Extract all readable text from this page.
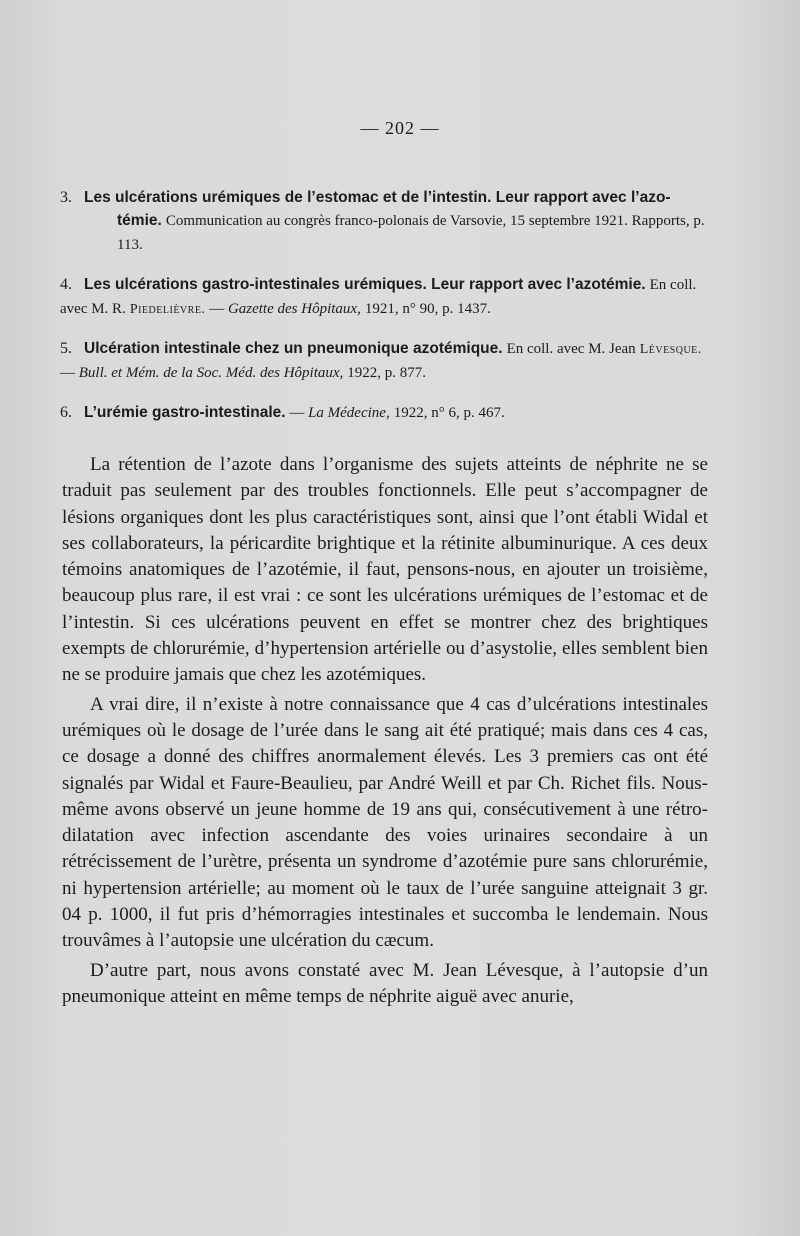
— 202 —
3. Les ulcérations urémiques de l’estomac et de l’intestin. Leur rapport avec l’azo-
témie. Communication au congrès franco-polonais de Varsovie, 15 septembre 1921. Rapports, p. 113.
4. Les ulcérations gastro-intestinales urémiques. Leur rapport avec l’azotémie. En coll. avec M. R. Piedelièvre. — Gazette des Hôpitaux, 1921, n° 90, p. 1437.
5. Ulcération intestinale chez un pneumonique azotémique. En coll. avec M. Jean Lévesque. — Bull. et Mém. de la Soc. Méd. des Hôpitaux, 1922, p. 877.
6. L’urémie gastro-intestinale. — La Médecine, 1922, n° 6, p. 467.

La rétention de l’azote dans l’organisme des sujets atteints de néphrite ne se traduit pas seulement par des troubles fonctionnels. Elle peut s’accompagner de lésions organiques dont les plus caractéristiques sont, ainsi que l’ont établi Widal et ses collaborateurs, la péricardite brightique et la rétinite albuminurique. A ces deux témoins anatomiques de l’azotémie, il faut, pensons-nous, en ajouter un troisième, beaucoup plus rare, il est vrai : ce sont les ulcérations urémiques de l’estomac et de l’intestin. Si ces ulcérations peuvent en effet se montrer chez des brightiques exempts de chlorurémie, d’hypertension artérielle ou d’asystolie, elles semblent bien ne se produire jamais que chez les azotémiques.

A vrai dire, il n’existe à notre connaissance que 4 cas d’ulcérations intestinales urémiques où le dosage de l’urée dans le sang ait été pratiqué; mais dans ces 4 cas, ce dosage a donné des chiffres anormalement élevés. Les 3 premiers cas ont été signalés par Widal et Faure-Beaulieu, par André Weill et par Ch. Richet fils. Nous-même avons observé un jeune homme de 19 ans qui, consécutivement à une rétro-dilatation avec infection ascendante des voies urinaires secondaire à un rétrécissement de l’urètre, présenta un syndrome d’azotémie pure sans chlorurémie, ni hypertension artérielle; au moment où le taux de l’urée sanguine atteignait 3 gr. 04 p. 1000, il fut pris d’hémorragies intestinales et succomba le lendemain. Nous trouvâmes à l’autopsie une ulcération du cæcum.

D’autre part, nous avons constaté avec M. Jean Lévesque, à l’autopsie d’un pneumonique atteint en même temps de néphrite aiguë avec anurie,
